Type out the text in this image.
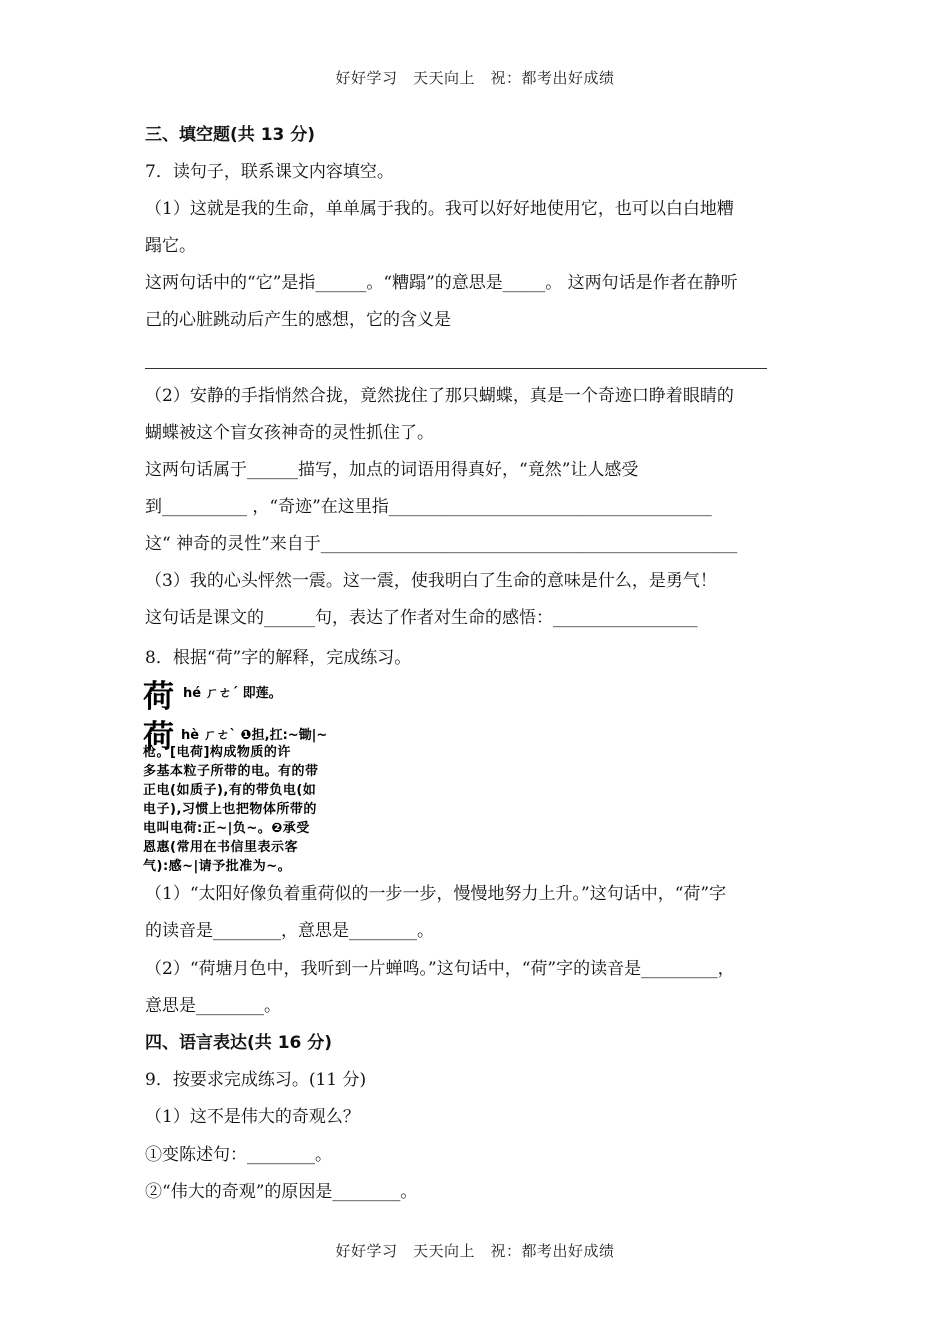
好好学习　天天向上　祝：都考出好成绩
三、填空题(共 13 分)
7．读句子，联系课文内容填空。
（1）这就是我的生命，单单属于我的。我可以好好地使用它，也可以白白地糟
蹋它。
这两句话中的“它”是指______。“糟蹋”的意思是_____。 这两句话是作者在静听
己的心脏跳动后产生的感想，它的含义是
（2）安静的手指悄然合拢，竟然拢住了那只蝴蝶，真是一个奇迹口睁着眼睛的
蝴蝶被这个盲女孩神奇的灵性抓住了。
这两句话属于______描写，加点的词语用得真好，“竟然”让人感受
到__________ ，“奇迹”在这里指______________________________________
这“ 神奇的灵性”来自于_________________________________________________
（3）我的心头怦然一震。这一震，使我明白了生命的意味是什么，是勇气！
这句话是课文的______句，表达了作者对生命的感悟：_________________
8．根据“荷”字的解释，完成练习。
荷 hé ㄏㄜˊ 即莲。
荷 hè ㄏㄜˋ ❶担,扛:~锄|~
枪。[电荷]构成物质的许
多基本粒子所带的电。有的带
正电(如质子),有的带负电(如
电子),习惯上也把物体所带的
电叫电荷:正~|负~。❷承受
恩惠(常用在书信里表示客
气):感~|请予批准为~。
（1）“太阳好像负着重荷似的一步一步，慢慢地努力上升。”这句话中，“荷”字
的读音是________，意思是________。
（2）“荷塘月色中，我听到一片蝉鸣。”这句话中，“荷”字的读音是_________，
意思是________。
四、语言表达(共 16 分)
9．按要求完成练习。(11 分)
（1）这不是伟大的奇观么？
①变陈述句：________。
②“伟大的奇观”的原因是________。
好好学习　天天向上　祝：都考出好成绩
